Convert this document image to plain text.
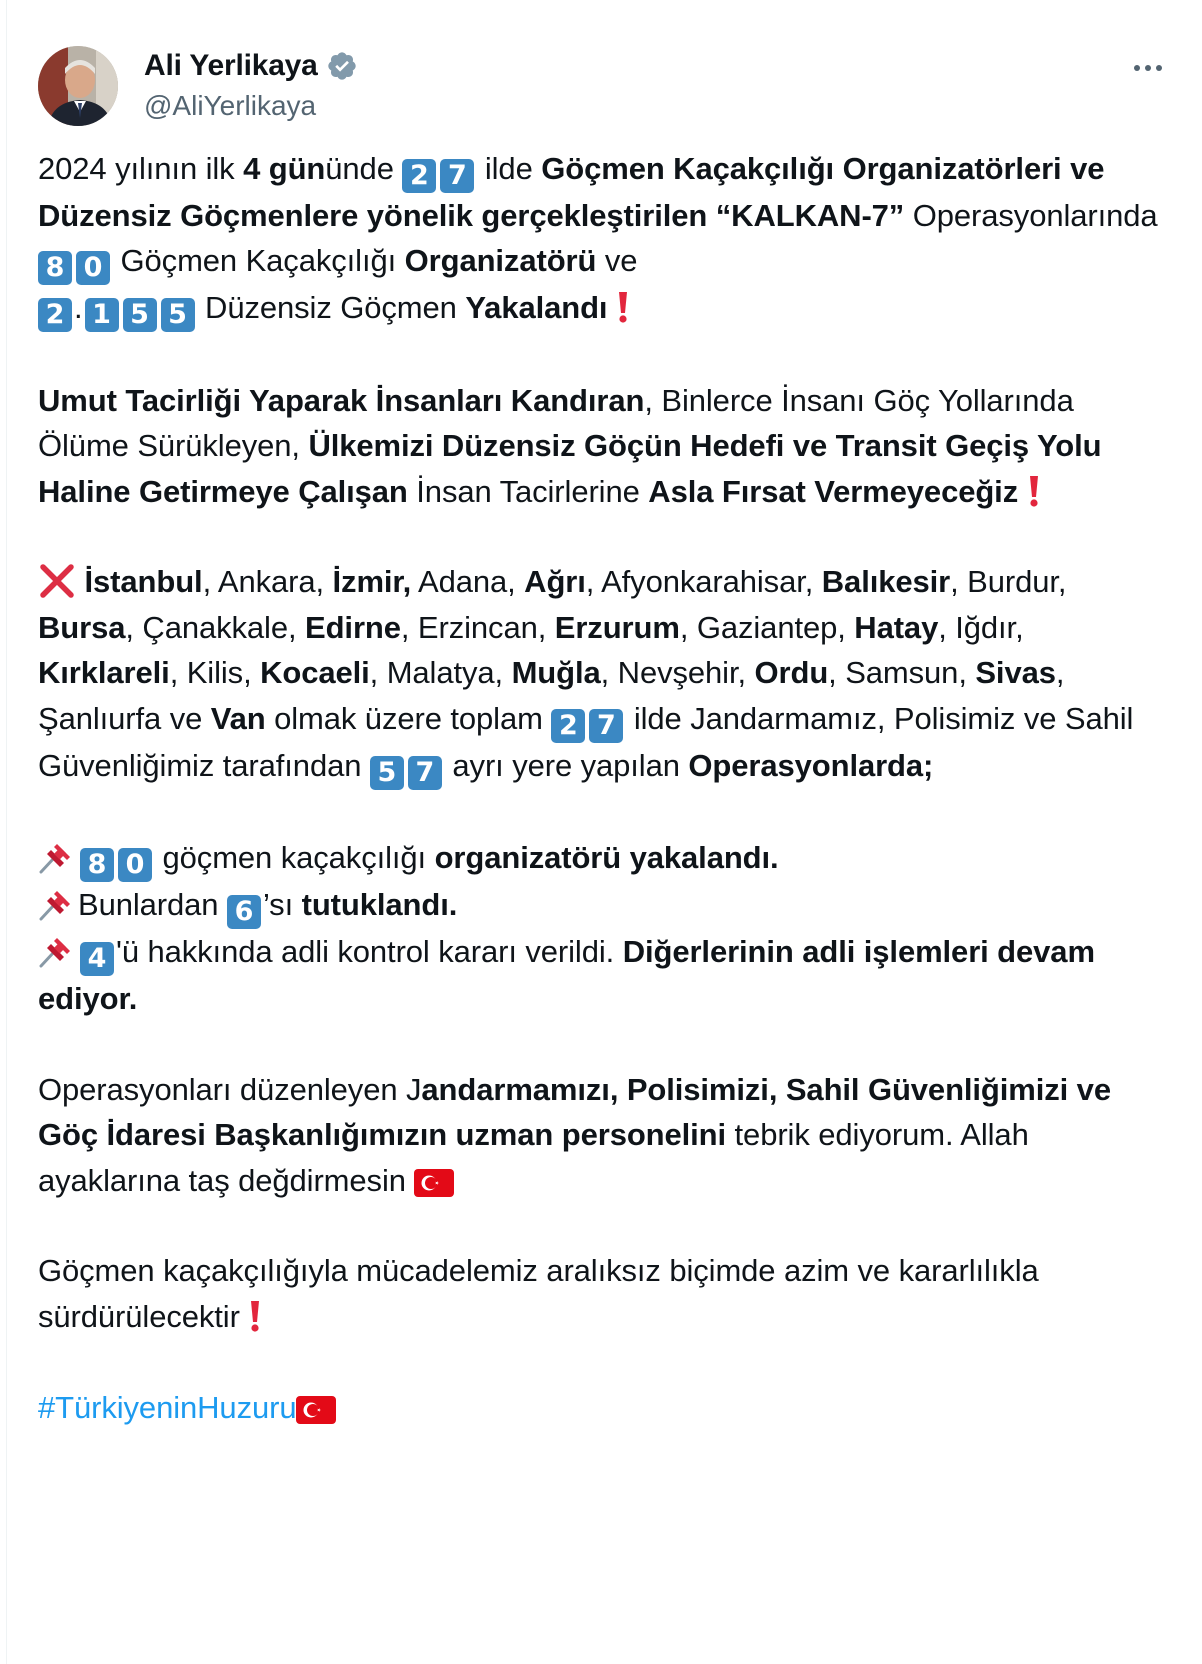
Ali Yerlikaya
@AliYerlikaya

2024 yılının ilk 4 gününde 2 7 ilde Göçmen Kaçakçılığı Organizatörleri ve Düzensiz Göçmenlere yönelik gerçekleştirilen “KALKAN-7” Operasyonlarında
8 0 Göçmen Kaçakçılığı Organizatörü ve
2 . 1 5 5 Düzensiz Göçmen Yakalandı

Umut Tacirliği Yaparak İnsanları Kandıran, Binlerce İnsanı Göç Yollarında Ölüme Sürükleyen, Ülkemizi Düzensiz Göçün Hedefi ve Transit Geçiş Yolu Haline Getirmeye Çalışan İnsan Tacirlerine Asla Fırsat Vermeyeceğiz

İstanbul, Ankara, İzmir, Adana, Ağrı, Afyonkarahisar, Balıkesir, Burdur, Bursa, Çanakkale, Edirne, Erzincan, Erzurum, Gaziantep, Hatay, Iğdır, Kırklareli, Kilis, Kocaeli, Malatya, Muğla, Nevşehir, Ordu, Samsun, Sivas, Şanlıurfa ve Van olmak üzere toplam 2 7 ilde Jandarmamız, Polisimiz ve Sahil Güvenliğimiz tarafından 5 7 ayrı yere yapılan Operasyonlarda;

8 0 göçmen kaçakçılığı organizatörü yakalandı.
Bunlardan 6 ’sı tutuklandı.
4 'ü hakkında adli kontrol kararı verildi. Diğerlerinin adli işlemleri devam ediyor.

Operasyonları düzenleyen Jandarmamızı, Polisimizi, Sahil Güvenliğimizi ve Göç İdaresi Başkanlığımızın uzman personelini tebrik ediyorum. Allah ayaklarına taş değdirmesin

Göçmen kaçakçılığıyla mücadelemiz aralıksız biçimde azim ve kararlılıkla sürdürülecektir

#TürkiyeninHuzuru
